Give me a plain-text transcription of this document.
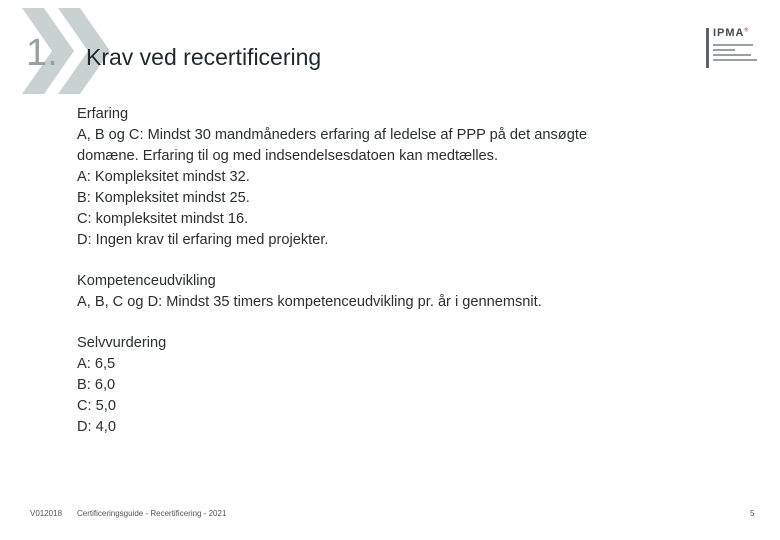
1. Krav ved recertificering
IPMA®
Erfaring
A, B og C: Mindst 30 mandmåneders erfaring af ledelse af PPP på det ansøgte
domæne. Erfaring til og med indsendelsesdatoen kan medtælles.
A: Kompleksitet mindst 32.
B: Kompleksitet mindst 25.
C: kompleksitet mindst 16.
D: Ingen krav til erfaring med projekter.
Kompetenceudvikling
A, B, C og D: Mindst 35 timers kompetenceudvikling pr. år i gennemsnit.
Selvvurdering
A: 6,5
B: 6,0
C: 5,0
D: 4,0
V012018 Certificeringsguide - Recertificering - 2021	5
